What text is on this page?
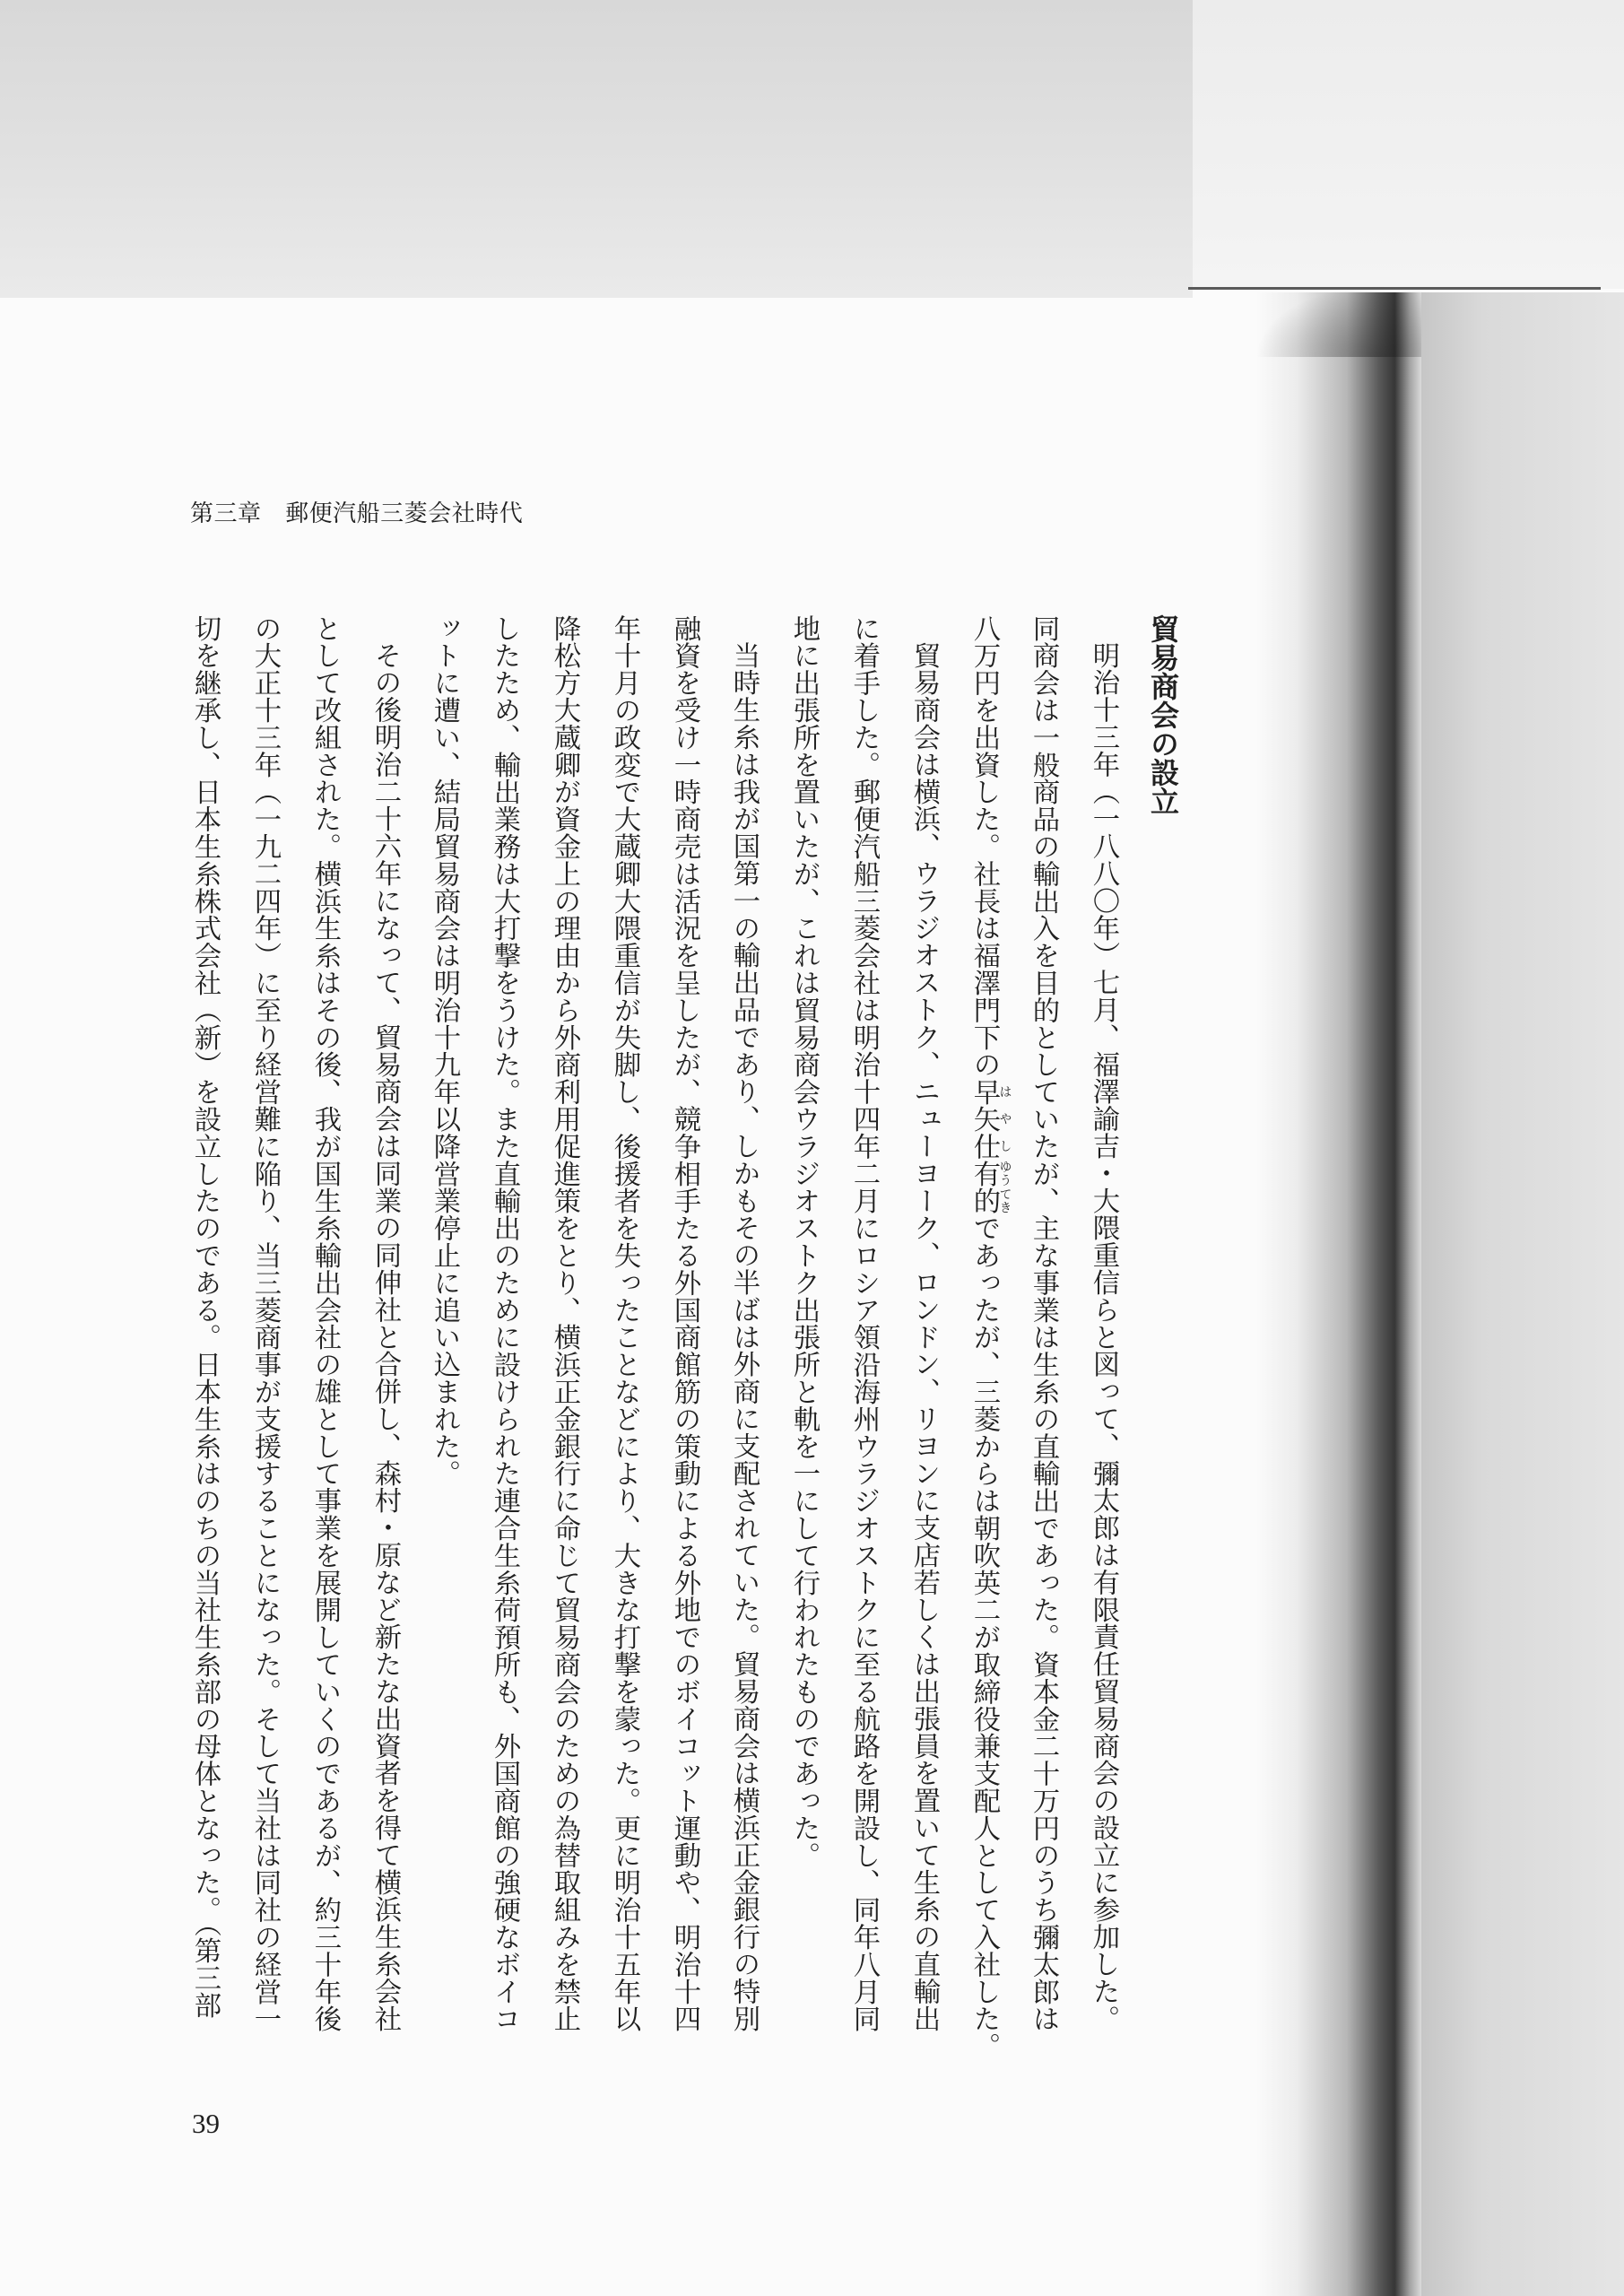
第三章　郵便汽船三菱会社時代
貿易商会の設立
明治十三年（一八八〇年）七月、福澤諭吉・大隈重信らと図って、彌太郎は有限責任貿易商会の設立に参加した。
同商会は一般商品の輸出入を目的としていたが、主な事業は生糸の直輸出であった。資本金二十万円のうち彌太郎は
八万円を出資した。社長は福澤門下の早矢仕はやし有的ゆうてきであったが、三菱からは朝吹英二が取締役兼支配人として入社した。
貿易商会は横浜、ウラジオストク、ニューヨーク、ロンドン、リヨンに支店若しくは出張員を置いて生糸の直輸出
に着手した。郵便汽船三菱会社は明治十四年二月にロシア領沿海州ウラジオストクに至る航路を開設し、同年八月同
地に出張所を置いたが、これは貿易商会ウラジオストク出張所と軌を一にして行われたものであった。
当時生糸は我が国第一の輸出品であり、しかもその半ばは外商に支配されていた。貿易商会は横浜正金銀行の特別
融資を受け一時商売は活況を呈したが、競争相手たる外国商館筋の策動による外地でのボイコット運動や、明治十四
年十月の政変で大蔵卿大隈重信が失脚し、後援者を失ったことなどにより、大きな打撃を蒙った。更に明治十五年以
降松方大蔵卿が資金上の理由から外商利用促進策をとり、横浜正金銀行に命じて貿易商会のための為替取組みを禁止
したため、輸出業務は大打撃をうけた。また直輸出のために設けられた連合生糸荷預所も、外国商館の強硬なボイコ
ットに遭い、結局貿易商会は明治十九年以降営業停止に追い込まれた。
その後明治二十六年になって、貿易商会は同業の同伸社と合併し、森村・原など新たな出資者を得て横浜生糸会社
として改組された。横浜生糸はその後、我が国生糸輸出会社の雄として事業を展開していくのであるが、約三十年後
の大正十三年（一九二四年）に至り経営難に陥り、当三菱商事が支援することになった。そして当社は同社の経営一
切を継承し、日本生糸株式会社（新）を設立したのである。日本生糸はのちの当社生糸部の母体となった。（第三部
39
